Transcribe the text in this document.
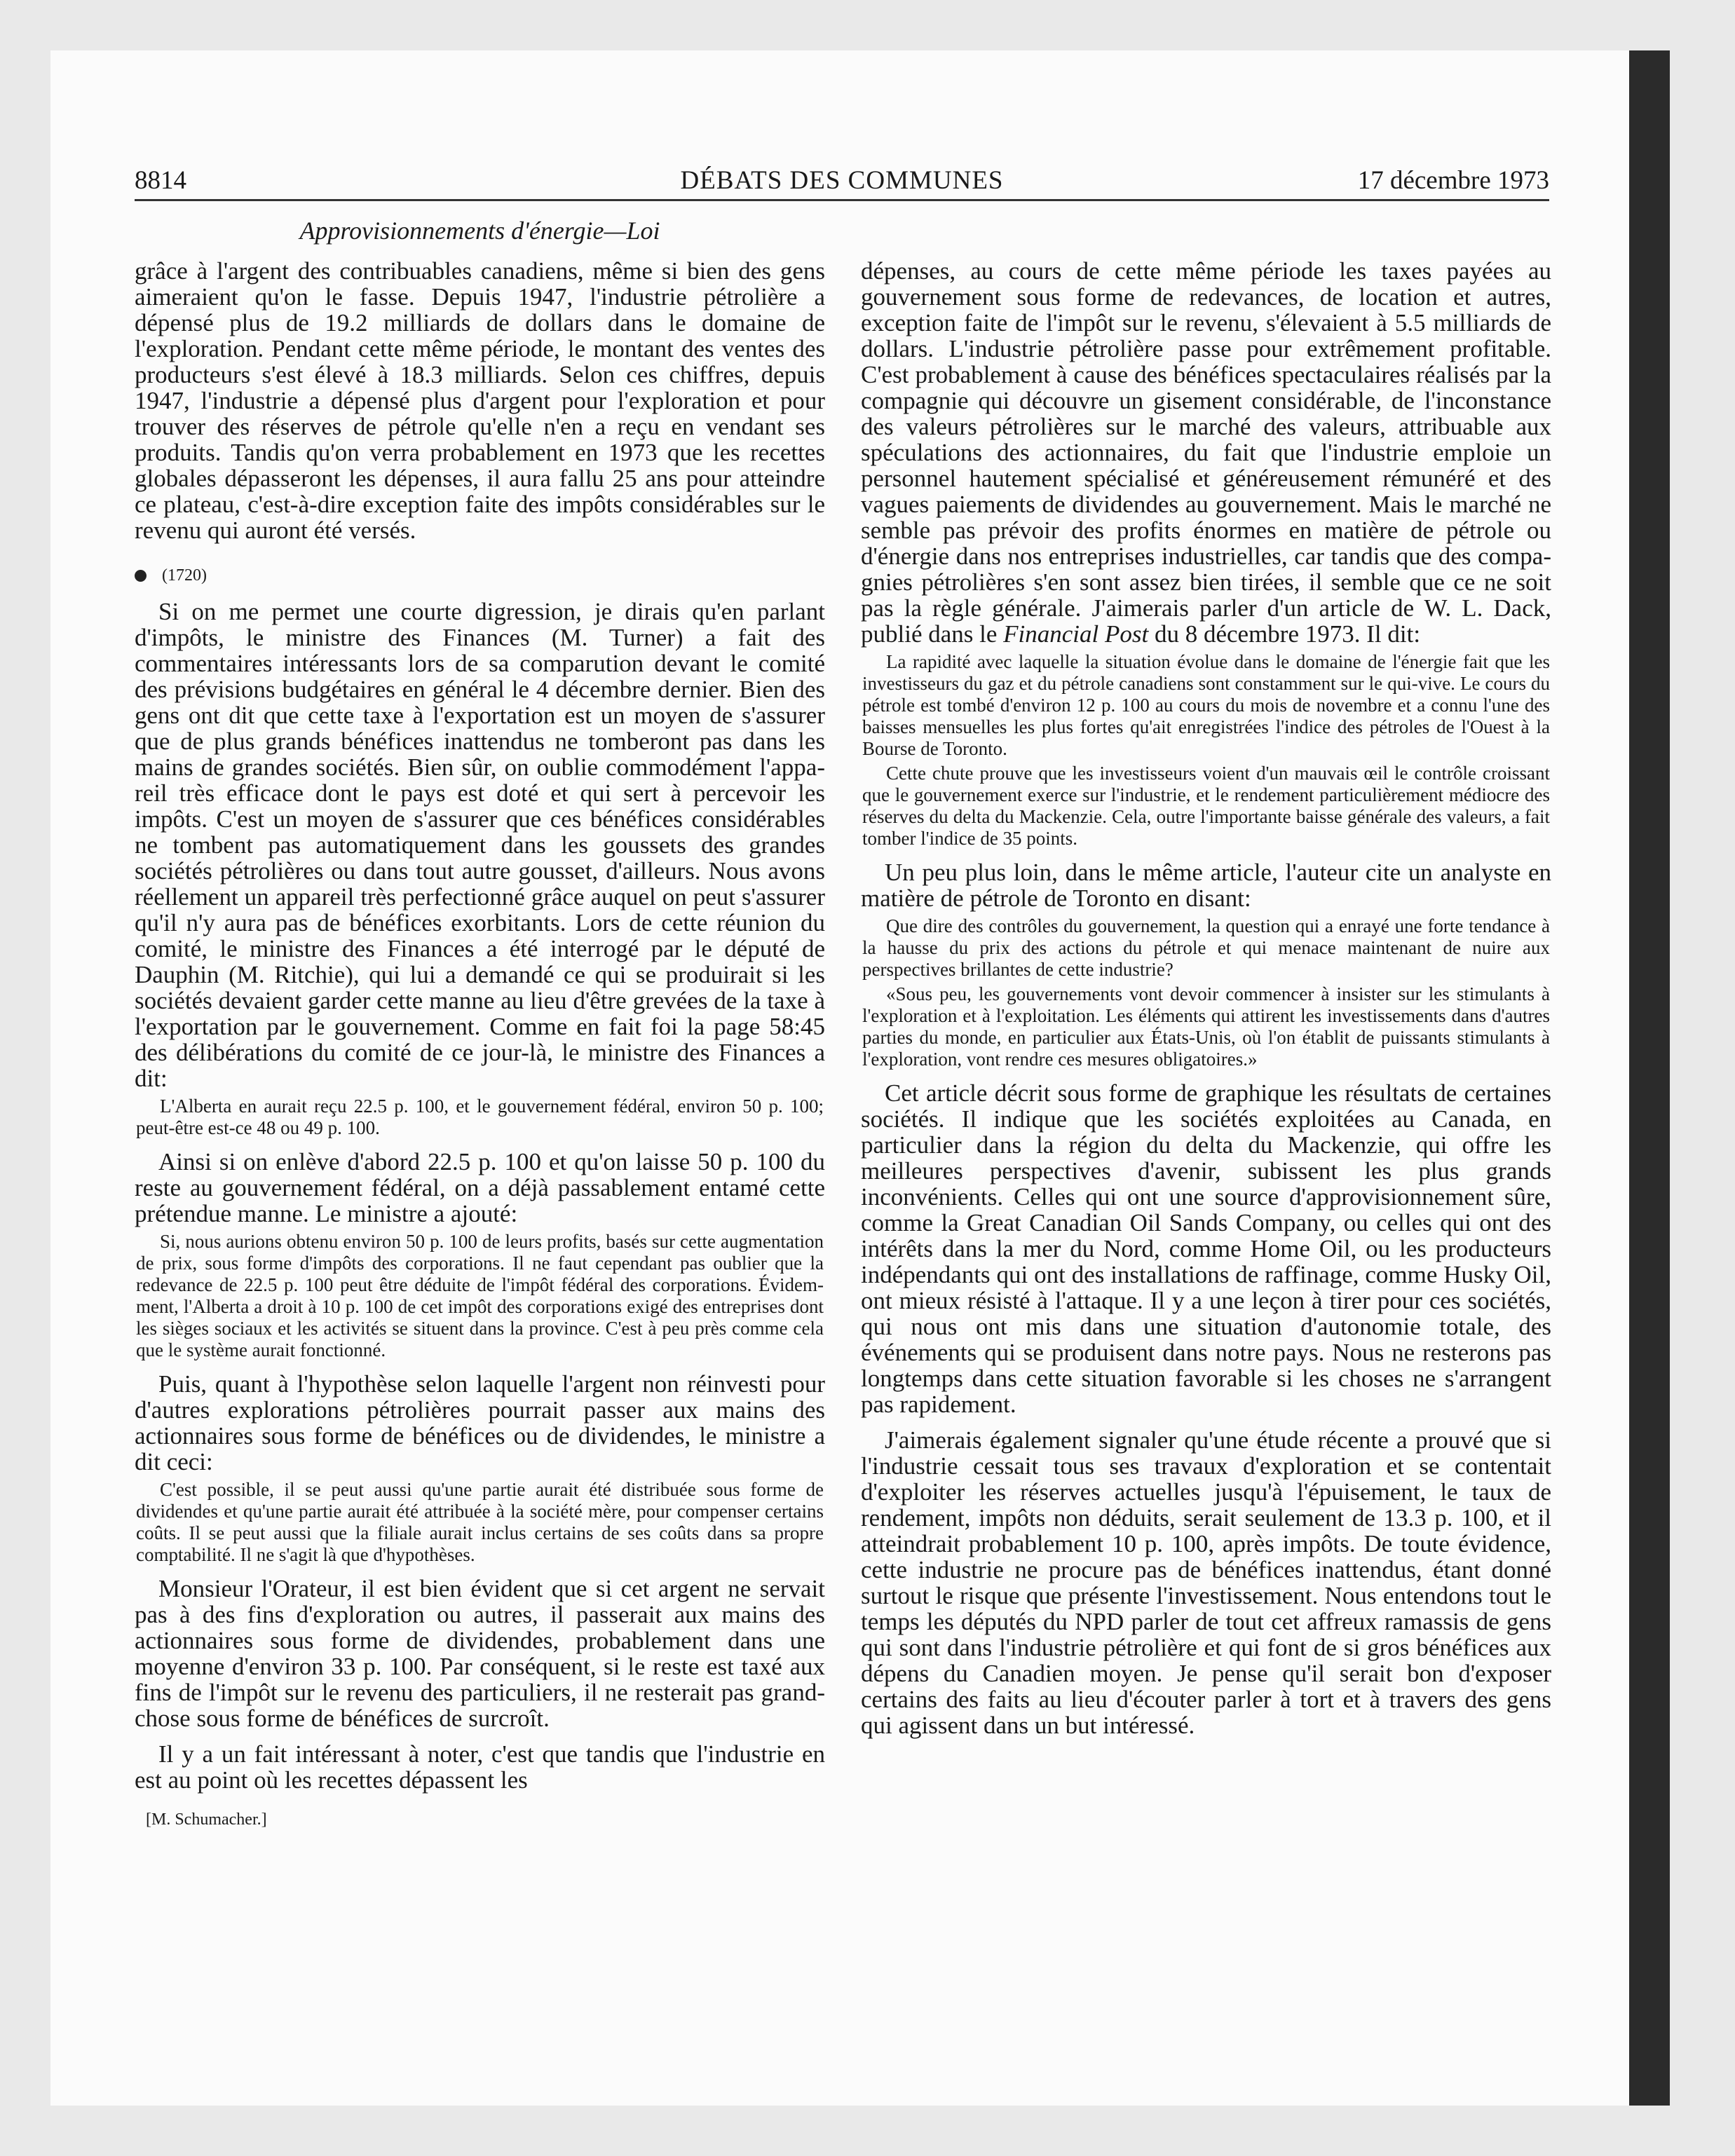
8814	DÉBATS DES COMMUNES	17 décembre 1973
Approvisionnements d'énergie—Loi

grâce à l'argent des contribuables canadiens, même si bien des gens aimeraient qu'on le fasse. Depuis 1947, l'industrie pétrolière a dépensé plus de 19.2 milliards de dollars dans le domaine de l'exploration. Pendant cette même période, le montant des ventes des producteurs s'est élevé à 18.3 milliards. Selon ces chiffres, depuis 1947, l'industrie a dépensé plus d'argent pour l'exploration et pour trouver des réserves de pétrole qu'elle n'en a reçu en vendant ses produits. Tandis qu'on verra probablement en 1973 que les recettes globales dépasseront les dépenses, il aura fallu 25 ans pour atteindre ce plateau, c'est-à-dire exception faite des impôts considérables sur le revenu qui auront été versés.

(1720)

Si on me permet une courte digression, je dirais qu'en parlant d'impôts, le ministre des Finances (M. Turner) a fait des commentaires intéressants lors de sa comparution devant le comité des prévisions budgétaires en général le 4 décembre dernier. Bien des gens ont dit que cette taxe à l'exportation est un moyen de s'assurer que de plus grands bénéfices inattendus ne tomberont pas dans les mains de grandes sociétés. Bien sûr, on oublie commodément l'appareil très efficace dont le pays est doté et qui sert à percevoir les impôts. C'est un moyen de s'assurer que ces bénéfices considérables ne tombent pas automatiquement dans les goussets des grandes sociétés pétrolières ou dans tout autre gousset, d'ailleurs. Nous avons réellement un appareil très perfectionné grâce auquel on peut s'assurer qu'il n'y aura pas de bénéfices exorbitants. Lors de cette réunion du comité, le ministre des Finances a été interrogé par le député de Dauphin (M. Ritchie), qui lui a demandé ce qui se produirait si les sociétés devaient garder cette manne au lieu d'être grevées de la taxe à l'exportation par le gouvernement. Comme en fait foi la page 58:45 des délibérations du comité de ce jour-là, le ministre des Finances a dit:

L'Alberta en aurait reçu 22.5 p. 100, et le gouvernement fédéral, environ 50 p. 100; peut-être est-ce 48 ou 49 p. 100.

Ainsi si on enlève d'abord 22.5 p. 100 et qu'on laisse 50 p. 100 du reste au gouvernement fédéral, on a déjà passablement entamé cette prétendue manne. Le ministre a ajouté:

Si, nous aurions obtenu environ 50 p. 100 de leurs profits, basés sur cette augmentation de prix, sous forme d'impôts des corporations. Il ne faut cependant pas oublier que la redevance de 22.5 p. 100 peut être déduite de l'impôt fédéral des corporations. Évidemment, l'Alberta a droit à 10 p. 100 de cet impôt des corporations exigé des entreprises dont les sièges sociaux et les activités se situent dans la province. C'est à peu près comme cela que le système aurait fonctionné.

Puis, quant à l'hypothèse selon laquelle l'argent non réinvesti pour d'autres explorations pétrolières pourrait passer aux mains des actionnaires sous forme de bénéfices ou de dividendes, le ministre a dit ceci:

C'est possible, il se peut aussi qu'une partie aurait été distribuée sous forme de dividendes et qu'une partie aurait été attribuée à la société mère, pour compenser certains coûts. Il se peut aussi que la filiale aurait inclus certains de ses coûts dans sa propre comptabilité. Il ne s'agit là que d'hypothèses.

Monsieur l'Orateur, il est bien évident que si cet argent ne servait pas à des fins d'exploration ou autres, il passerait aux mains des actionnaires sous forme de dividendes, probablement dans une moyenne d'environ 33 p. 100. Par conséquent, si le reste est taxé aux fins de l'impôt sur le revenu des particuliers, il ne resterait pas grand-chose sous forme de bénéfices de surcroît.

Il y a un fait intéressant à noter, c'est que tandis que l'industrie en est au point où les recettes dépassent les

[M. Schumacher.]

dépenses, au cours de cette même période les taxes payées au gouvernement sous forme de redevances, de location et autres, exception faite de l'impôt sur le revenu, s'élevaient à 5.5 milliards de dollars. L'industrie pétrolière passe pour extrêmement profitable. C'est probablement à cause des bénéfices spectaculaires réalisés par la compagnie qui découvre un gisement considérable, de l'inconstance des valeurs pétrolières sur le marché des valeurs, attribuable aux spéculations des actionnaires, du fait que l'industrie emploie un personnel hautement spécialisé et généreusement rémunéré et des vagues paiements de dividendes au gouvernement. Mais le marché ne semble pas prévoir des profits énormes en matière de pétrole ou d'énergie dans nos entreprises industrielles, car tandis que des compagnies pétrolières s'en sont assez bien tirées, il semble que ce ne soit pas la règle générale. J'aimerais parler d'un article de W. L. Dack, publié dans le Financial Post du 8 décembre 1973. Il dit:

La rapidité avec laquelle la situation évolue dans le domaine de l'énergie fait que les investisseurs du gaz et du pétrole canadiens sont constamment sur le qui-vive. Le cours du pétrole est tombé d'environ 12 p. 100 au cours du mois de novembre et a connu l'une des baisses mensuelles les plus fortes qu'ait enregistrées l'indice des pétroles de l'Ouest à la Bourse de Toronto.

Cette chute prouve que les investisseurs voient d'un mauvais œil le contrôle croissant que le gouvernement exerce sur l'industrie, et le rendement particulièrement médiocre des réserves du delta du Mackenzie. Cela, outre l'importante baisse générale des valeurs, a fait tomber l'indice de 35 points.

Un peu plus loin, dans le même article, l'auteur cite un analyste en matière de pétrole de Toronto en disant:

Que dire des contrôles du gouvernement, la question qui a enrayé une forte tendance à la hausse du prix des actions du pétrole et qui menace maintenant de nuire aux perspectives brillantes de cette industrie?

«Sous peu, les gouvernements vont devoir commencer à insister sur les stimulants à l'exploration et à l'exploitation. Les éléments qui attirent les investissements dans d'autres parties du monde, en particulier aux États-Unis, où l'on établit de puissants stimulants à l'exploration, vont rendre ces mesures obligatoires.»

Cet article décrit sous forme de graphique les résultats de certaines sociétés. Il indique que les sociétés exploitées au Canada, en particulier dans la région du delta du Mackenzie, qui offre les meilleures perspectives d'avenir, subissent les plus grands inconvénients. Celles qui ont une source d'approvisionnement sûre, comme la Great Canadian Oil Sands Company, ou celles qui ont des intérêts dans la mer du Nord, comme Home Oil, ou les producteurs indépendants qui ont des installations de raffinage, comme Husky Oil, ont mieux résisté à l'attaque. Il y a une leçon à tirer pour ces sociétés, qui nous ont mis dans une situation d'autonomie totale, des événements qui se produisent dans notre pays. Nous ne resterons pas longtemps dans cette situation favorable si les choses ne s'arrangent pas rapidement.

J'aimerais également signaler qu'une étude récente a prouvé que si l'industrie cessait tous ses travaux d'exploration et se contentait d'exploiter les réserves actuelles jusqu'à l'épuisement, le taux de rendement, impôts non déduits, serait seulement de 13.3 p. 100, et il atteindrait probablement 10 p. 100, après impôts. De toute évidence, cette industrie ne procure pas de bénéfices inattendus, étant donné surtout le risque que présente l'investissement. Nous entendons tout le temps les députés du NPD parler de tout cet affreux ramassis de gens qui sont dans l'industrie pétrolière et qui font de si gros bénéfices aux dépens du Canadien moyen. Je pense qu'il serait bon d'exposer certains des faits au lieu d'écouter parler à tort et à travers des gens qui agissent dans un but intéressé.
